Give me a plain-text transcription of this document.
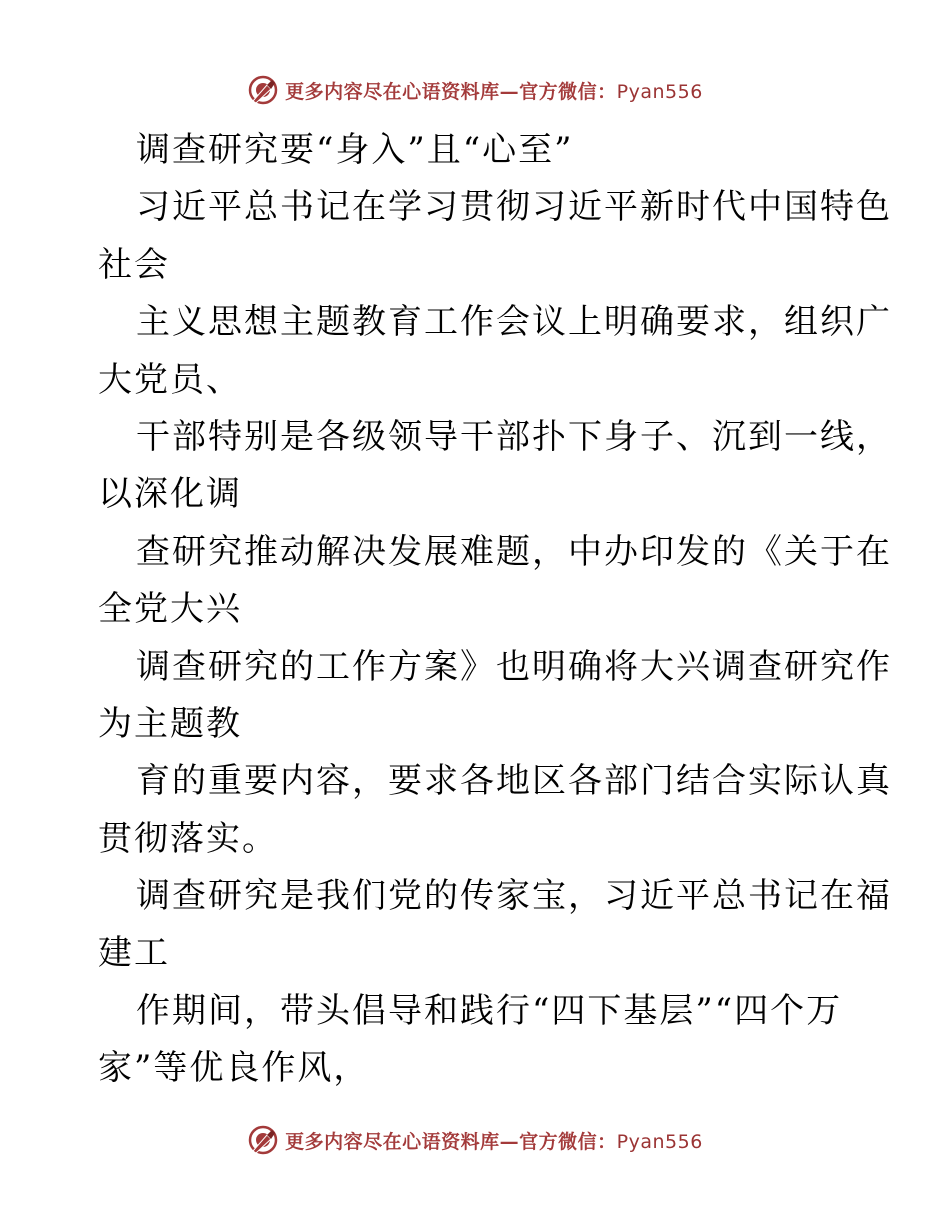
更多内容尽在心语资料库—官方微信：Pyan556
调查研究要“身入”且“心至”
习近平总书记在学习贯彻习近平新时代中国特色
社会
主义思想主题教育工作会议上明确要求，组织广
大党员、
干部特别是各级领导干部扑下身子、沉到一线，
以深化调
查研究推动解决发展难题，中办印发的《关于在
全党大兴
调查研究的工作方案》也明确将大兴调查研究作
为主题教
育的重要内容，要求各地区各部门结合实际认真
贯彻落实。
调查研究是我们党的传家宝，习近平总书记在福
建工
作期间，带头倡导和践行“四下基层”“四个万
家”等优良作风，
更多内容尽在心语资料库—官方微信：Pyan556
